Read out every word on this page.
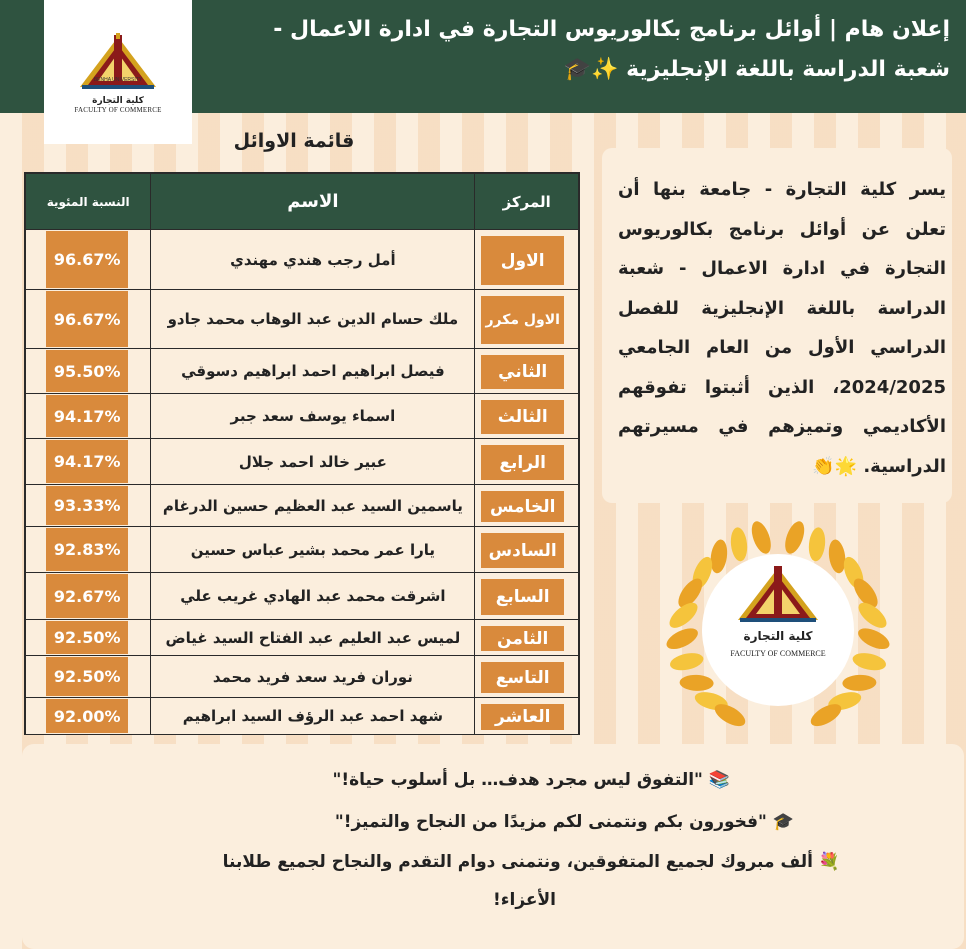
إعلان هام | أوائل برنامج بكالوريوس التجارة في ادارة الاعمال - شعبة الدراسة باللغة الإنجليزية ✨🎓
BENHA UNIVERSITY
كلية التجارة
FACULTY OF COMMERCE
قائمة الاوائل
النسبة المئوية	الاسم	المركز

96.67%	أمل رجب هندي مهندي	الاول

96.67%	ملك حسام الدين عبد الوهاب محمد جادو	الاول مكرر

95.50%	فيصل ابراهيم احمد ابراهيم دسوقي	الثاني

94.17%	اسماء يوسف سعد جبر	الثالث

94.17%	عبير خالد احمد جلال	الرابع

93.33%	ياسمين السيد عبد العظيم حسين الدرغام	الخامس

92.83%	يارا عمر محمد بشير عباس حسين	السادس

92.67%	اشرقت محمد عبد الهادي غريب علي	السابع

92.50%	لميس عبد العليم عبد الفتاح السيد غياض	الثامن

92.50%	نوران فريد سعد فريد محمد	التاسع

92.00%	شهد احمد عبد الرؤف السيد ابراهيم	العاشر
يسر كلية التجارة - جامعة بنها أن تعلن عن أوائل برنامج بكالوريوس التجارة في ادارة الاعمال - شعبة الدراسة باللغة الإنجليزية للفصل الدراسي الأول من العام الجامعي 2024/2025، الذين أثبتوا تفوقهم الأكاديمي وتميزهم في مسيرتهم الدراسية. 🌟👏
كلية التجارة
FACULTY OF COMMERCE
📚 "التفوق ليس مجرد هدف… بل أسلوب حياة!"
🎓 "فخورون بكم ونتمنى لكم مزيدًا من النجاح والتميز!"
💐 ألف مبروك لجميع المتفوقين، ونتمنى دوام التقدم والنجاح لجميع طلابنا
الأعزاء!
